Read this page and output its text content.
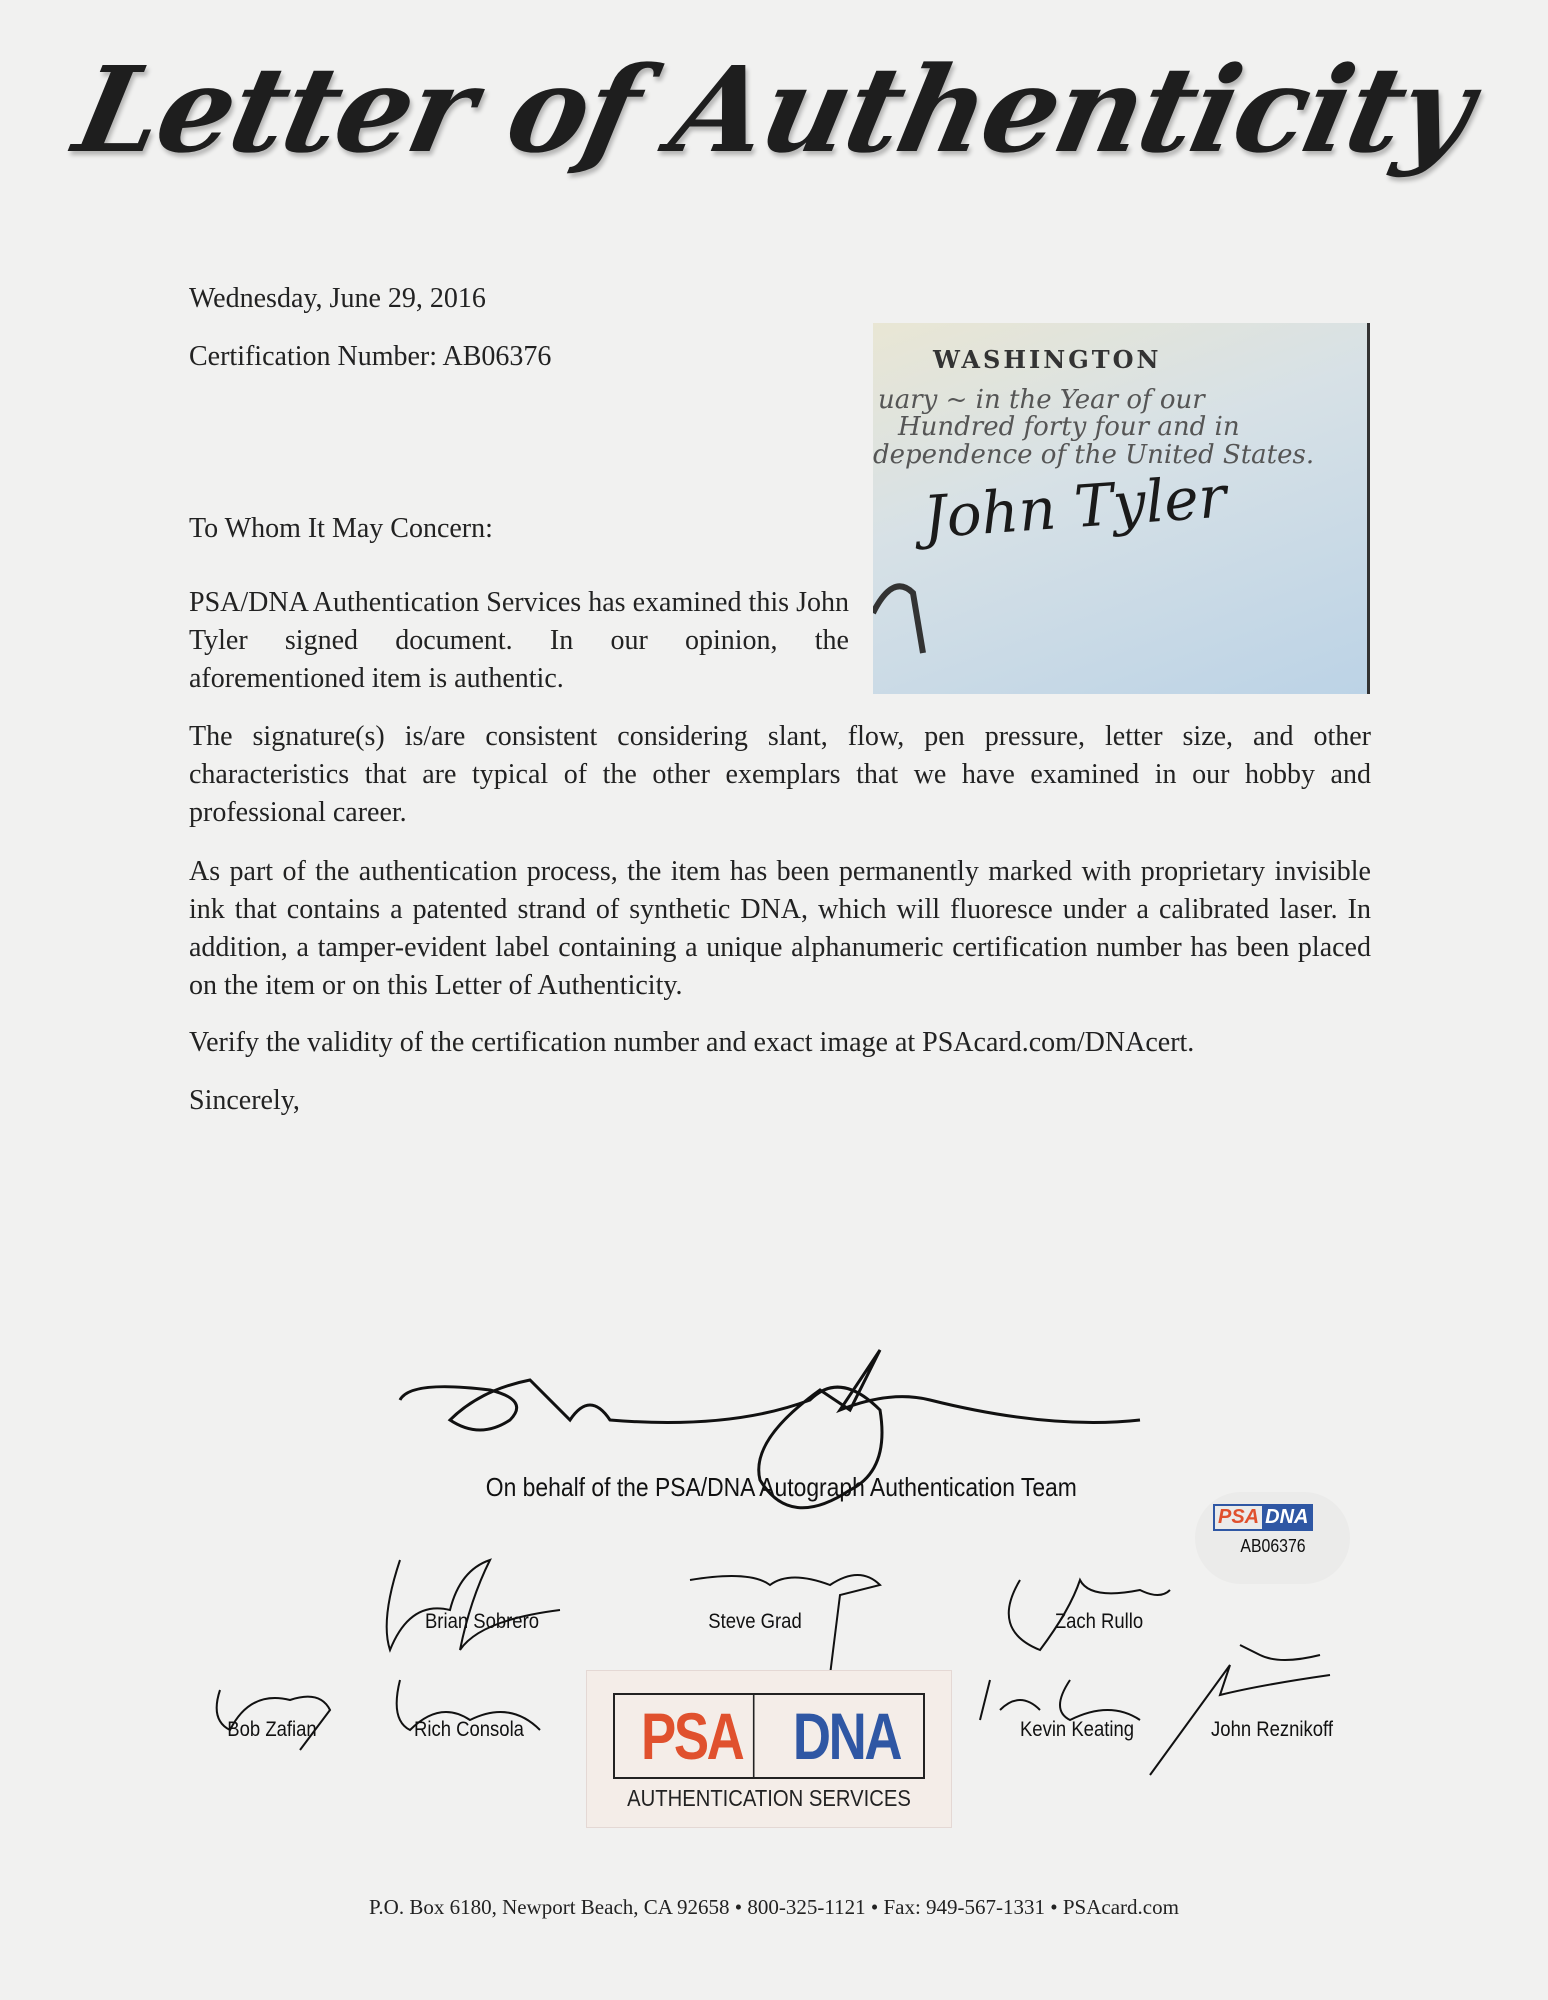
Letter of Authenticity
Wednesday, June 29, 2016
Certification Number: AB06376	WASHINGTON
uary ~ in the Year of our
Hundred forty four and in
dependence of the United States.
John Tyler
To Whom It May Concern:
PSA/DNA Authentication Services has examined this John Tyler signed document. In our opinion, the aforementioned item is authentic.
The signature(s) is/are consistent considering slant, flow, pen pressure, letter size, and other characteristics that are typical of the other exemplars that we have examined in our hobby and professional career.
As part of the authentication process, the item has been permanently marked with proprietary invisible ink that contains a patented strand of synthetic DNA, which will fluoresce under a calibrated laser. In addition, a tamper-evident label containing a unique alphanumeric certification number has been placed on the item or on this Letter of Authenticity.
Verify the validity of the certification number and exact image at PSAcard.com/DNAcert.
Sincerely,
On behalf of the PSA/DNA Autograph Authentication Team
PSA DNA
AB06376
Brian Sobrero	Steve Grad	Zach Rullo
Bob Zafian	Rich Consola	Kevin Keating	John Reznikoff
PSA DNA
AUTHENTICATION SERVICES
P.O. Box 6180, Newport Beach, CA 92658 • 800-325-1121 • Fax: 949-567-1331 • PSAcard.com
